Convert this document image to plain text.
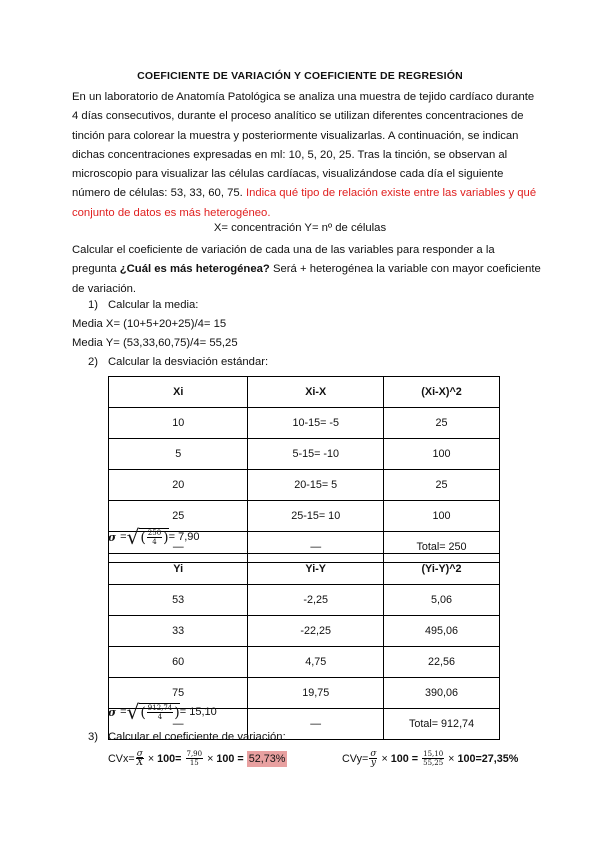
COEFICIENTE DE VARIACIÓN Y COEFICIENTE DE REGRESIÓN
En un laboratorio de Anatomía Patológica se analiza una muestra de tejido cardíaco durante 4 días consecutivos, durante el proceso analítico se utilizan diferentes concentraciones de tinción para colorear la muestra y posteriormente visualizarlas. A continuación, se indican dichas concentraciones expresadas en ml: 10, 5, 20, 25. Tras la tinción, se observan al microscopio para visualizar las células cardíacas, visualizándose cada día el siguiente número de células: 53, 33, 60, 75. Indica qué tipo de relación existe entre las variables y qué conjunto de datos es más heterogéneo.
X= concentración Y= nº de células
Calcular el coeficiente de variación de cada una de las variables para responder a la pregunta ¿Cuál es más heterogénea? Será + heterogénea la variable con mayor coeficiente de variación.
1) Calcular la media:
Media X= (10+5+20+25)/4= 15
Media Y= (53,33,60,75)/4= 55,25
2) Calcular la desviación estándar:
Xi	Xi-X	(Xi-X)^2
10	10-15= -5	25
5	5-15= -10	100
20	20-15= 5	25
25	25-15= 10	100
—	—	Total= 250
σ = √ ( $\frac{250}{4}$ ) = 7,90
Yi	Yi-Y	(Yi-Y)^2
53	-2,25	5,06
33	-22,25	495,06
60	4,75	22,56
75	19,75	390,06
—	—	Total= 912,74
σ = √ ( $\frac{912,74}{4}$ ) = 15,10
3) Calcular el coeficiente de variación:
$CVx= \frac{\sigma}{X} \times 100= \frac{7,90}{15} \times 100 = 52,73\%$	$CVy= \frac{\sigma}{y} \times 100 = \frac{15,10}{55,25} \times 100=27,35\%$
